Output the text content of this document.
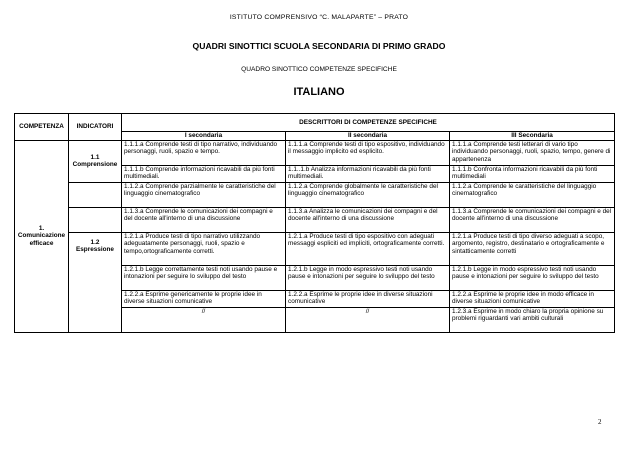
ISTITUTO COMPRENSIVO “C. MALAPARTE” – PRATO
QUADRI SINOTTICI SCUOLA SECONDARIA DI PRIMO GRADO
QUADRO SINOTTICO COMPETENZE SPECIFICHE
ITALIANO
COMPETENZA	INDICATORI	DESCRITTORI DI COMPETENZE SPECIFICHE		
		I secondaria	II secondaria	III Secondaria
1. Comunicazione efficace	1.1 Comprensione	1.1.1.a Comprende testi di tipo narrativo, individuando personaggi, ruoli, spazio e tempo.	1.1.1.a Comprende testi di tipo espositivo, individuando il messaggio implicito ed esplicito.	1.1.1.a Comprende testi letterari di vario tipo individuando personaggi, ruoli, spazio, tempo, genere di appartenenza
		1.1.1.b Comprende informazioni ricavabili da più fonti multimediali.	1.1..1.b Analizza informazioni ricavabili da più fonti multimediali.	1.1.1.b Confronta informazioni ricavabili da più fonti multimediali
		1.1.2.a Comprende parzialmente le caratteristiche del linguaggio cinematografico	1.1.2.a Comprende globalmente le caratteristiche del linguaggio cinematografico	1.1.2.a Comprende le caratteristiche del linguaggio cinematografico
		1.1.3.a Comprende le comunicazioni dei compagni e del docente all'interno di una discussione	1.1.3.a Analizza le comunicazioni dei compagni e del docente all'interno di una discussione	1.1.3.a Comprende le comunicazioni dei compagni e del docente all'interno di una discussione
	1.2 Espressione	1.2.1.a Produce testi di tipo narrativo utilizzando adeguatamente personaggi, ruoli, spazio e tempo,ortograficamente corretti.	1.2.1.a Produce testi di tipo espositivo con adeguati messaggi espliciti ed impliciti, ortograficamente corretti.	1.2.1.a Produce testi di tipo diverso adeguati a scopo, argomento, registro, destinatario e ortograficamente e sintatticamente corretti
		1.2.1.b Legge correttamente testi noti usando pause e intonazioni per seguire lo sviluppo del testo	1.2.1.b Legge in modo espressivo testi noti usando pause e intonazioni per seguire lo sviluppo del testo	1.2.1.b Legge in modo espressivo testi noti usando pause e intonazioni per seguire lo sviluppo del testo
		1.2.2.a Esprime genericamente le proprie idee in diverse situazioni comunicative	1.2.2.a Esprime le proprie idee in diverse situazioni comunicative	1.2.2.a Esprime le proprie idee in modo efficace in diverse situazioni comunicative
		//	//	1.2.3.a Esprime in modo chiaro la propria opinione su problemi riguardanti vari ambiti culturali
2
